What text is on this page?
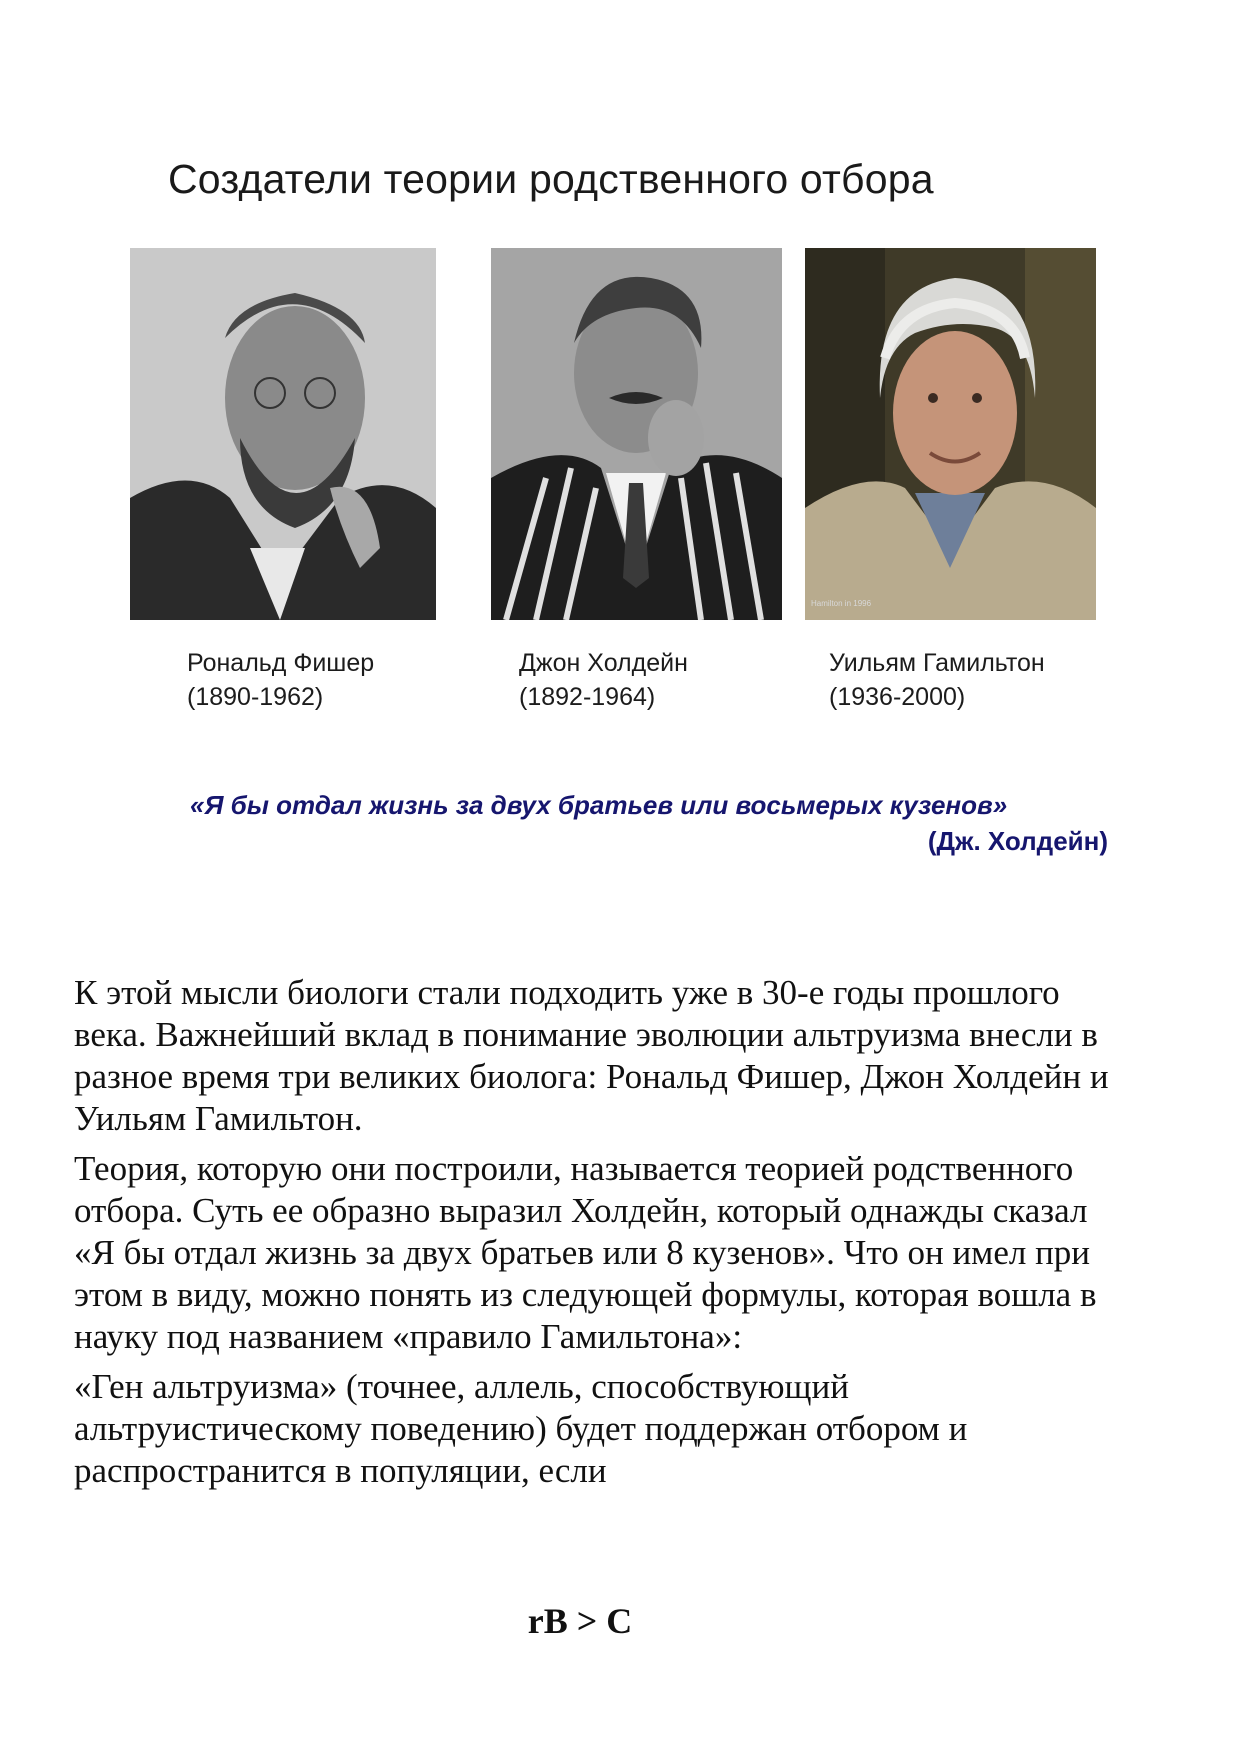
Создатели теории родственного отбора
Hamilton in 1996
Рональд Фишер
(1890-1962)
Джон Холдейн
(1892-1964)
Уильям Гамильтон
(1936-2000)
«Я бы отдал жизнь за двух братьев или восьмерых кузенов»
(Дж. Холдейн)

К этой мысли биологи стали подходить уже в 30-е годы прошлого века. Важнейший вклад в понимание эволюции альтруизма внесли в разное время три великих биолога: Рональд Фишер, Джон Холдейн и Уильям Гамильтон.

Теория, которую они построили, называется теорией родственного отбора. Суть ее образно выразил Холдейн, который однажды сказал «Я бы отдал жизнь за двух братьев или 8 кузенов». Что он имел при этом в виду, можно понять из следующей формулы, которая вошла в науку под названием «правило Гамильтона»:

«Ген альтруизма» (точнее, аллель, способствующий альтруистическому поведению) будет поддержан отбором и распространится в популяции, если

rB > C
